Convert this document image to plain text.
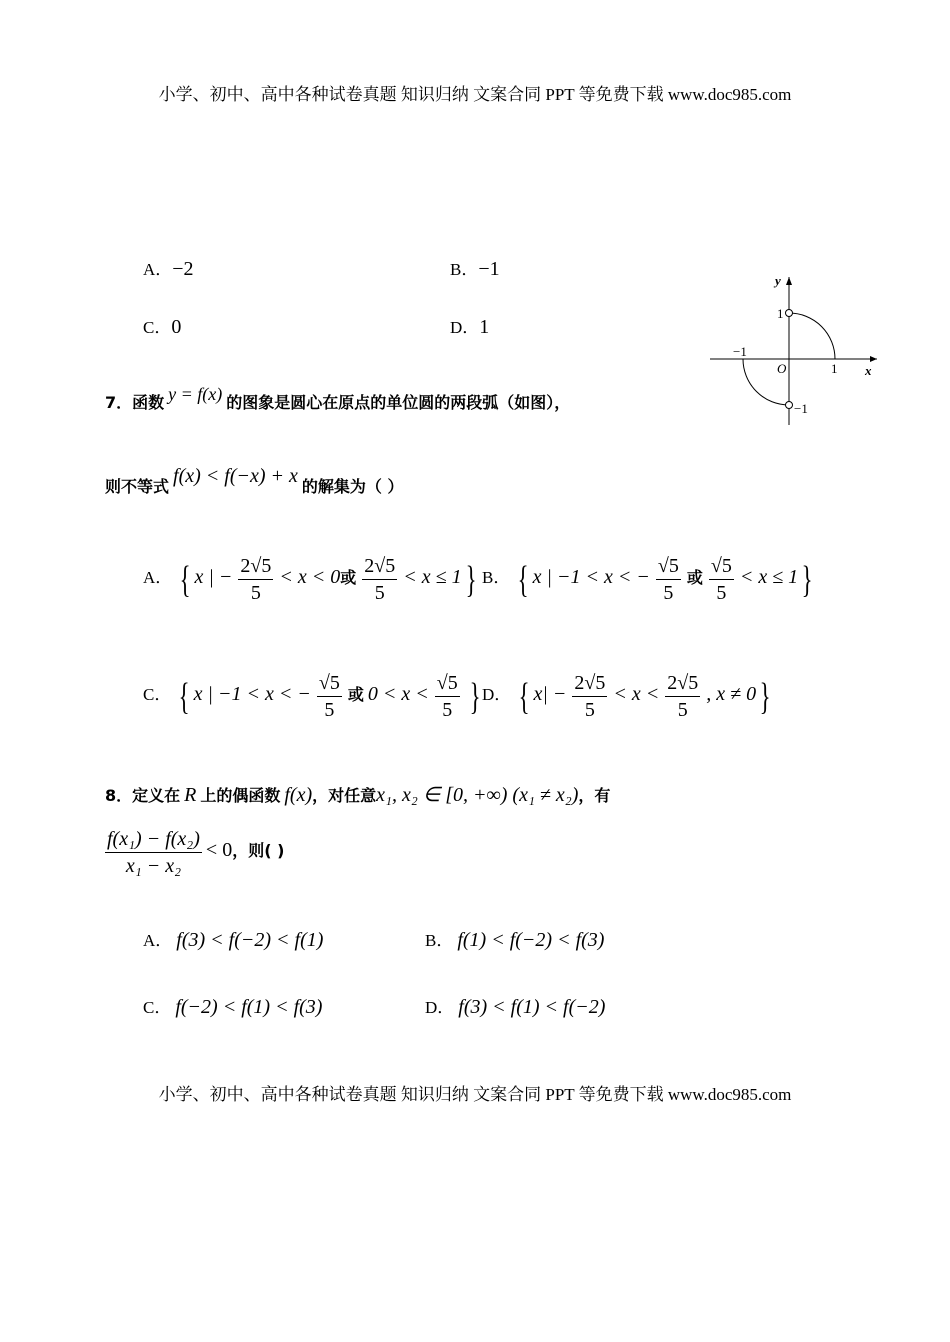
小学、初中、高中各种试卷真题 知识归纳 文案合同 PPT 等免费下载 www.doc985.com
A．−2	B．−1
C．0	D．1
y
x
O	1
1
−1
−1
7．函数 y = f(x) 的图象是圆心在原点的单位圆的两段弧（如图），
则不等式 f(x) < f(−x) + x 的解集为（ ）
A． { x | − $\frac{2√5}{5} < x < 0$或 $\frac{2√5}{5} < x \le 1$} B． { x | −1 < x < − $\frac{√5}{5}$ 或 $\frac{√5}{5} < x \le 1$}
C． { x | −1 < x < − $\frac{√5}{5}$ 或 $0 < x < \frac{√5}{5}$ } D． { $x| - \frac{2√5}{5} < x < \frac{2√5}{5}$ , x ≠ 0}
8．定义在 R 上的偶函数 f(x)，对任意x₁, x₂ ∈ [0, +∞) (x₁ ≠ x₂)，有
$\frac{\text{f(x₁) − f(x₂)}}{\text{x₁ − x₂}} < 0$，则( )
A． f(3) < f(−2) < f(1)	B． f(1) < f(−2) < f(3)
C． f(−2) < f(1) < f(3)	D． f(3) < f(1) < f(−2)
小学、初中、高中各种试卷真题 知识归纳 文案合同 PPT 等免费下载 www.doc985.com
